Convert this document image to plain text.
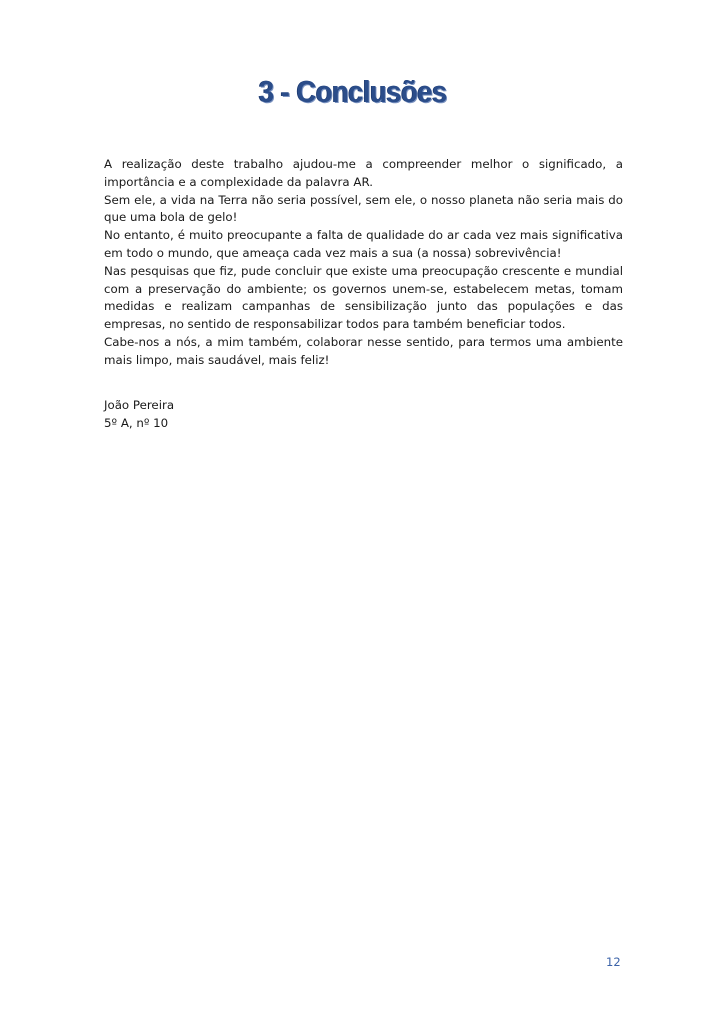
3 - Conclusões

A realização deste trabalho ajudou-me a compreender melhor o significado, a importância e a complexidade da palavra AR.

Sem ele, a vida na Terra não seria possível, sem ele, o nosso planeta não seria mais do que uma bola de gelo!

No entanto, é muito preocupante a falta de qualidade do ar cada vez mais significativa em todo o mundo, que ameaça cada vez mais a sua (a nossa) sobrevivência!

Nas pesquisas que fiz, pude concluir que existe uma preocupação crescente e mundial com a preservação do ambiente; os governos unem-se, estabelecem metas, tomam medidas e realizam campanhas de sensibilização junto das populações e das empresas, no sentido de responsabilizar todos para também beneficiar todos.

Cabe-nos a nós, a mim também, colaborar nesse sentido, para termos uma ambiente mais limpo, mais saudável, mais feliz!

João Pereira
5º A, nº 10
12
